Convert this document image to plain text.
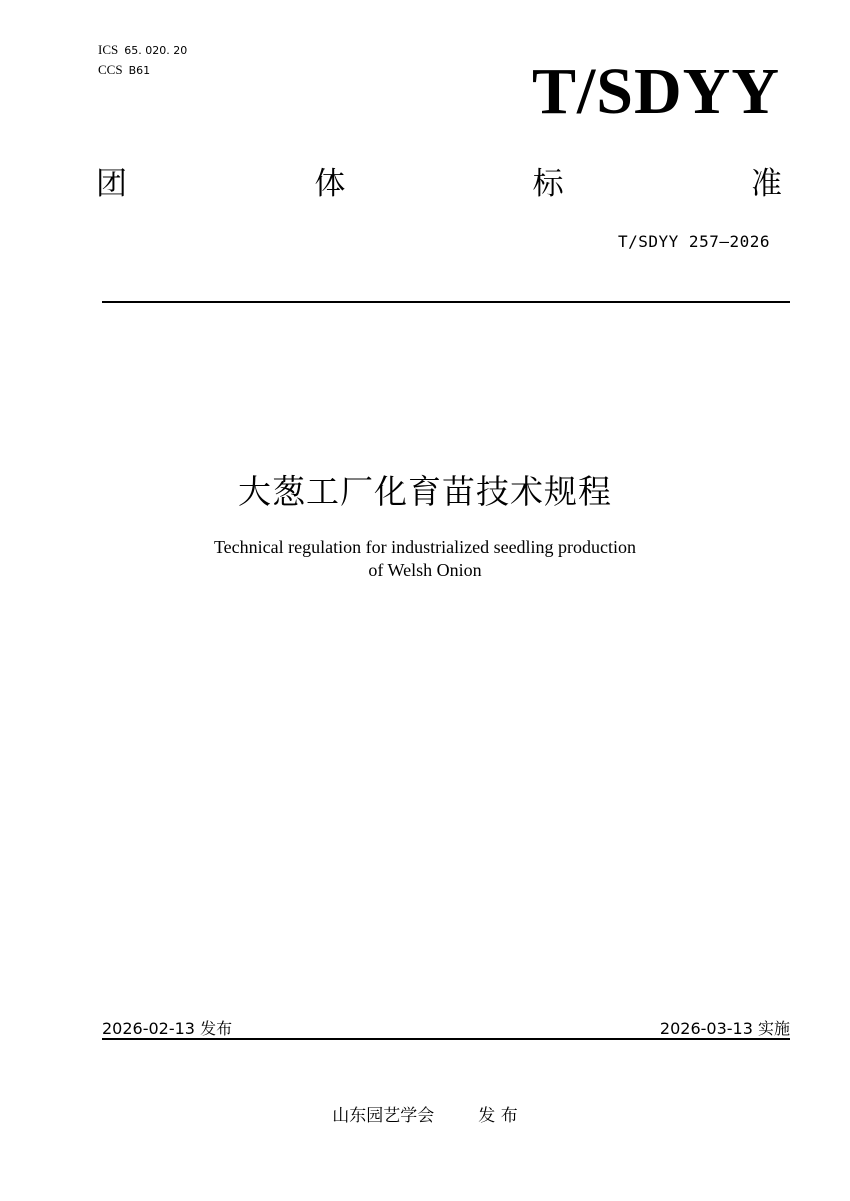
ICS 65. 020. 20
CCS B61	T/SDYY
团	体	标	准
T/SDYY 257—2026
大葱工厂化育苗技术规程
Technical regulation for industrialized seedling production
of Welsh Onion
2026-02-13 发布	2026-03-13 实施
山东园艺学会	发 布
